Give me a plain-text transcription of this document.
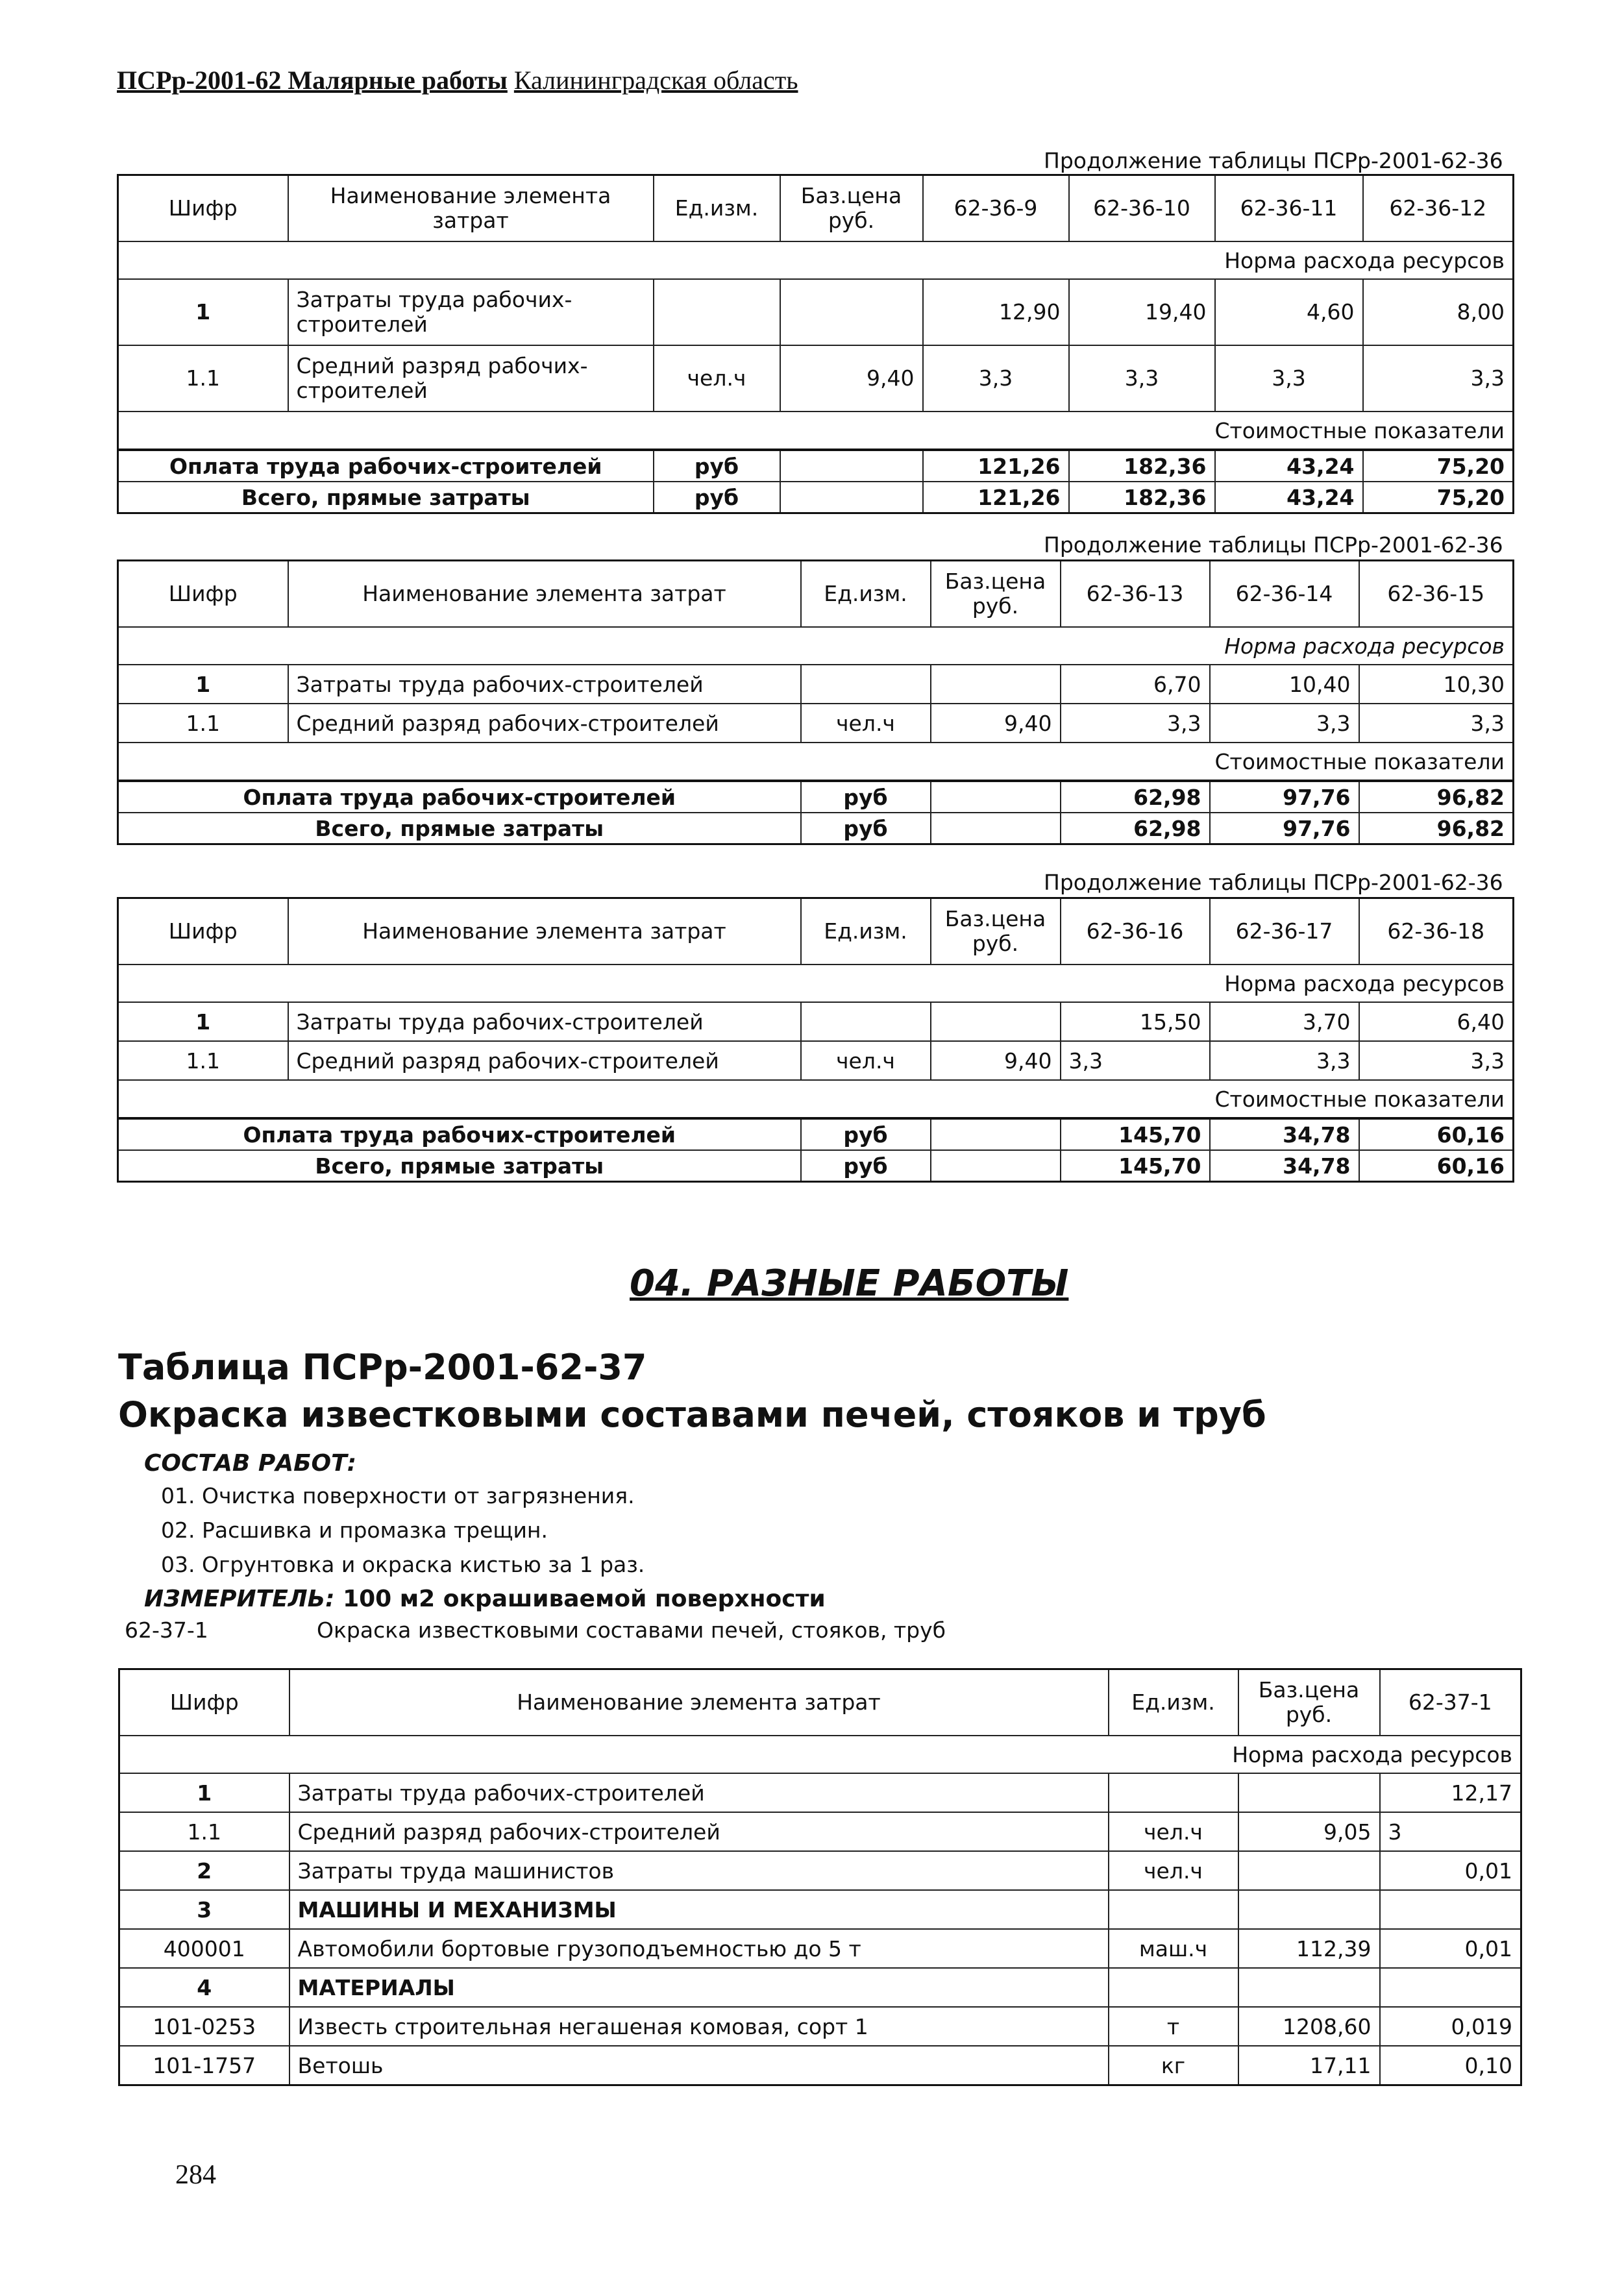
ПСРр-2001-62 Малярные работы Калининградская область
Продолжение таблицы ПСРр-2001-62-36
Шифр	Наименование элемента затрат	Ед.изм.	Баз.цена руб.	62-36-9	62-36-10	62-36-11	62-36-12
Норма расхода ресурсов							
1	Затраты труда рабочих-строителей			12,90	19,40	4,60	8,00
1.1	Средний разряд рабочих-строителей	чел.ч	9,40	3,3	3,3	3,3	3,3
Стоимостные показатели							
Оплата труда рабочих-строителей		руб		121,26	182,36	43,24	75,20
Всего, прямые затраты		руб		121,26	182,36	43,24	75,20
Продолжение таблицы ПСРр-2001-62-36
Шифр	Наименование элемента затрат	Ед.изм.	Баз.цена руб.	62-36-13	62-36-14	62-36-15
Норма расхода ресурсов						
1	Затраты труда рабочих-строителей			6,70	10,40	10,30
1.1	Средний разряд рабочих-строителей	чел.ч	9,40	3,3	3,3	3,3
Стоимостные показатели						
Оплата труда рабочих-строителей		руб		62,98	97,76	96,82
Всего, прямые затраты		руб		62,98	97,76	96,82
Продолжение таблицы ПСРр-2001-62-36
Шифр	Наименование элемента затрат	Ед.изм.	Баз.цена руб.	62-36-16	62-36-17	62-36-18
Норма расхода ресурсов						
1	Затраты труда рабочих-строителей			15,50	3,70	6,40
1.1	Средний разряд рабочих-строителей	чел.ч	9,40	3,3	3,3	3,3
Стоимостные показатели						
Оплата труда рабочих-строителей		руб		145,70	34,78	60,16
Всего, прямые затраты		руб		145,70	34,78	60,16
04. РАЗНЫЕ РАБОТЫ
Таблица ПСРр-2001-62-37
Окраска известковыми составами печей, стояков и труб
СОСТАВ РАБОТ:
01. Очистка поверхности от загрязнения.
02. Расшивка и промазка трещин.
03. Огрунтовка и окраска кистью за 1 раз.
ИЗМЕРИТЕЛЬ: 100 м2 окрашиваемой поверхности
62-37-1	Окраска известковыми составами печей, стояков, труб
Шифр	Наименование элемента затрат	Ед.изм.	Баз.цена руб.	62-37-1
Норма расхода ресурсов				
1	Затраты труда рабочих-строителей			12,17
1.1	Средний разряд рабочих-строителей	чел.ч	9,05	3
2	Затраты труда машинистов	чел.ч		0,01
3	МАШИНЫ И МЕХАНИЗМЫ			
400001	Автомобили бортовые грузоподъемностью до 5 т	маш.ч	112,39	0,01
4	МАТЕРИАЛЫ			
101-0253	Известь строительная негашеная комовая, сорт 1	т	1208,60	0,019
101-1757	Ветошь	кг	17,11	0,10
284
